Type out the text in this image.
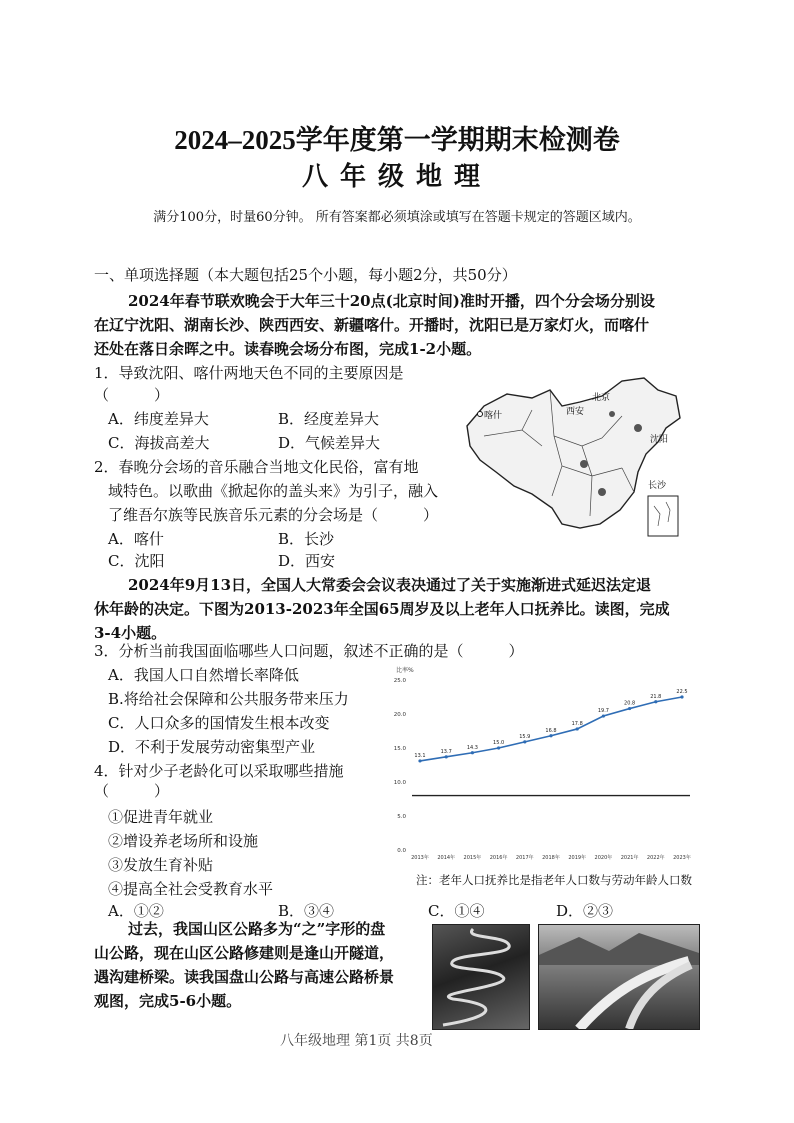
2024–2025学年度第一学期期末检测卷
八年级地理
满分100分，时量60分钟。 所有答案都必须填涂或填写在答题卡规定的答题区域内。
一、单项选择题（本大题包括25个小题，每小题2分，共50分）
2024年春节联欢晚会于大年三十20点(北京时间)准时开播，四个分会场分别设
在辽宁沈阳、湖南长沙、陕西西安、新疆喀什。开播时，沈阳已是万家灯火，而喀什
还处在落日余晖之中。读春晚会场分布图，完成1-2小题。
1．导致沈阳、喀什两地天色不同的主要原因是
（　　　）
A．纬度差异大	B．经度差异大
C．海拔高差大	D．气候差异大
2．春晚分会场的音乐融合当地文化民俗，富有地
域特色。以歌曲《掀起你的盖头来》为引子，融入
了维吾尔族等民族音乐元素的分会场是（　　　）
A．喀什	B．长沙
C．沈阳	D．西安
喀什	西安
北京
沈阳
长沙
2024年9月13日，全国人大常委会会议表决通过了关于实施渐进式延迟法定退
休年龄的决定。下图为2013-2023年全国65周岁及以上老年人口抚养比。读图，完成
3-4小题。
3．分析当前我国面临哪些人口问题，叙述不正确的是（　　　）
A．我国人口自然增长率降低
B.将给社会保障和公共服务带来压力
C．人口众多的国情发生根本改变
D．不利于发展劳动密集型产业
4．针对少子老龄化可以采取哪些措施
（　　　）
①促进青年就业
②增设养老场所和设施
③发放生育补贴
④提高全社会受教育水平
A．①②	B．③④	C．①④	D．②③
比率%
0.0
5.0
10.0
15.0
20.0
25.0
2013年 2014年 2015年 2016年 2017年 2018年 2019年 2020年 2021年 2022年 2023年
13.1
13.7
14.3
15.0
15.9
16.8
17.8
19.7
20.8
21.8
22.5
注：老年人口抚养比是指老年人口数与劳动年龄人口数
过去，我国山区公路多为“之”字形的盘
山公路，现在山区公路修建则是逢山开隧道，
遇沟建桥梁。读我国盘山公路与高速公路桥景
观图，完成5-6小题。
八年级地理 第1页 共8页
